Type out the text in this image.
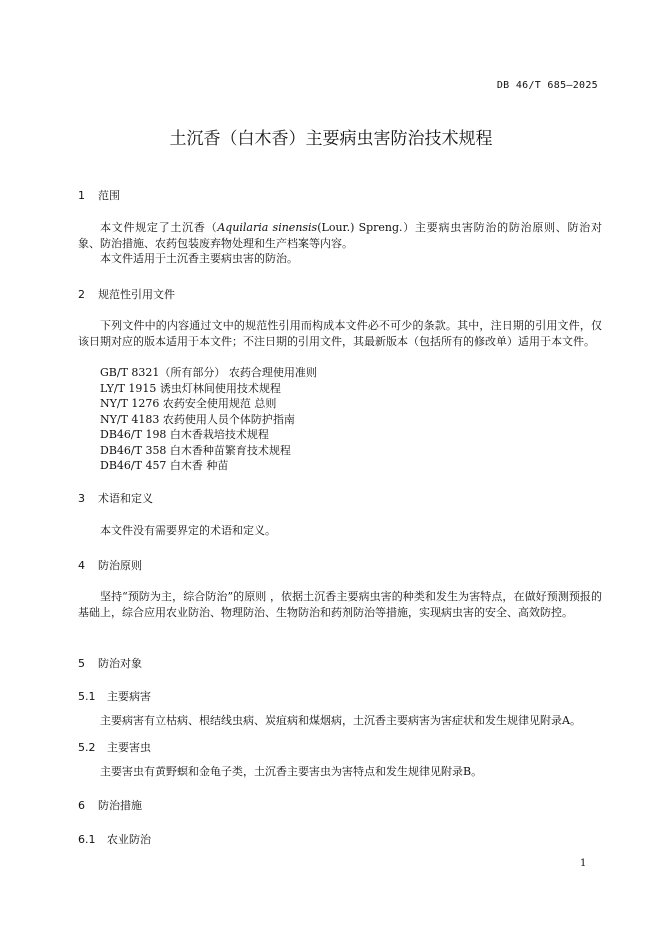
DB 46/T 685—2025
土沉香（白木香）主要病虫害防治技术规程
1 范围
本文件规定了土沉香（Aquilaria sinensis(Lour.) Spreng.）主要病虫害防治的防治原则、防治对象、防治措施、农药包装废弃物处理和生产档案等内容。
本文件适用于土沉香主要病虫害的防治。
2 规范性引用文件
下列文件中的内容通过文中的规范性引用而构成本文件必不可少的条款。其中，注日期的引用文件，仅该日期对应的版本适用于本文件；不注日期的引用文件，其最新版本（包括所有的修改单）适用于本文件。
GB/T 8321（所有部分） 农药合理使用准则
LY/T 1915 诱虫灯林间使用技术规程
NY/T 1276 农药安全使用规范 总则
NY/T 4183 农药使用人员个体防护指南
DB46/T 198 白木香栽培技术规程
DB46/T 358 白木香种苗繁育技术规程
DB46/T 457 白木香 种苗
3 术语和定义
本文件没有需要界定的术语和定义。
4 防治原则
坚持“预防为主，综合防治”的原则 ，依据土沉香主要病虫害的种类和发生为害特点，在做好预测预报的基础上，综合应用农业防治、物理防治、生物防治和药剂防治等措施，实现病虫害的安全、高效防控。
5 防治对象
5.1 主要病害
主要病害有立枯病、根结线虫病、炭疽病和煤烟病，土沉香主要病害为害症状和发生规律见附录A。
5.2 主要害虫
主要害虫有黄野螟和金龟子类，土沉香主要害虫为害特点和发生规律见附录B。
6 防治措施
6.1 农业防治
1
